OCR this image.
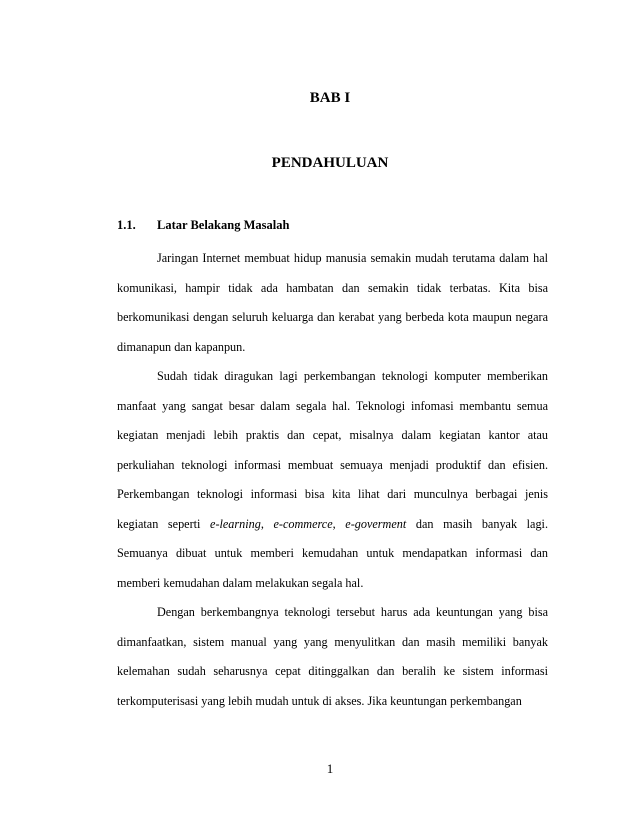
BAB I
PENDAHULUAN
1.1. Latar Belakang Masalah

Jaringan Internet membuat hidup manusia semakin mudah terutama dalam hal komunikasi, hampir tidak ada hambatan dan semakin tidak terbatas. Kita bisa berkomunikasi dengan seluruh keluarga dan kerabat yang berbeda kota maupun negara dimanapun dan kapanpun.

Sudah tidak diragukan lagi perkembangan teknologi komputer memberikan manfaat yang sangat besar dalam segala hal. Teknologi infomasi membantu semua kegiatan menjadi lebih praktis dan cepat, misalnya dalam kegiatan kantor atau perkuliahan teknologi informasi membuat semuaya menjadi produktif dan efisien. Perkembangan teknologi informasi bisa kita lihat dari munculnya berbagai jenis kegiatan seperti e-learning, e-commerce, e-goverment dan masih banyak lagi. Semuanya dibuat untuk memberi kemudahan untuk mendapatkan informasi dan memberi kemudahan dalam melakukan segala hal.

Dengan berkembangnya teknologi tersebut harus ada keuntungan yang bisa dimanfaatkan, sistem manual yang yang menyulitkan dan masih memiliki banyak kelemahan sudah seharusnya cepat ditinggalkan dan beralih ke sistem informasi terkomputerisasi yang lebih mudah untuk di akses. Jika keuntungan perkembangan

1
